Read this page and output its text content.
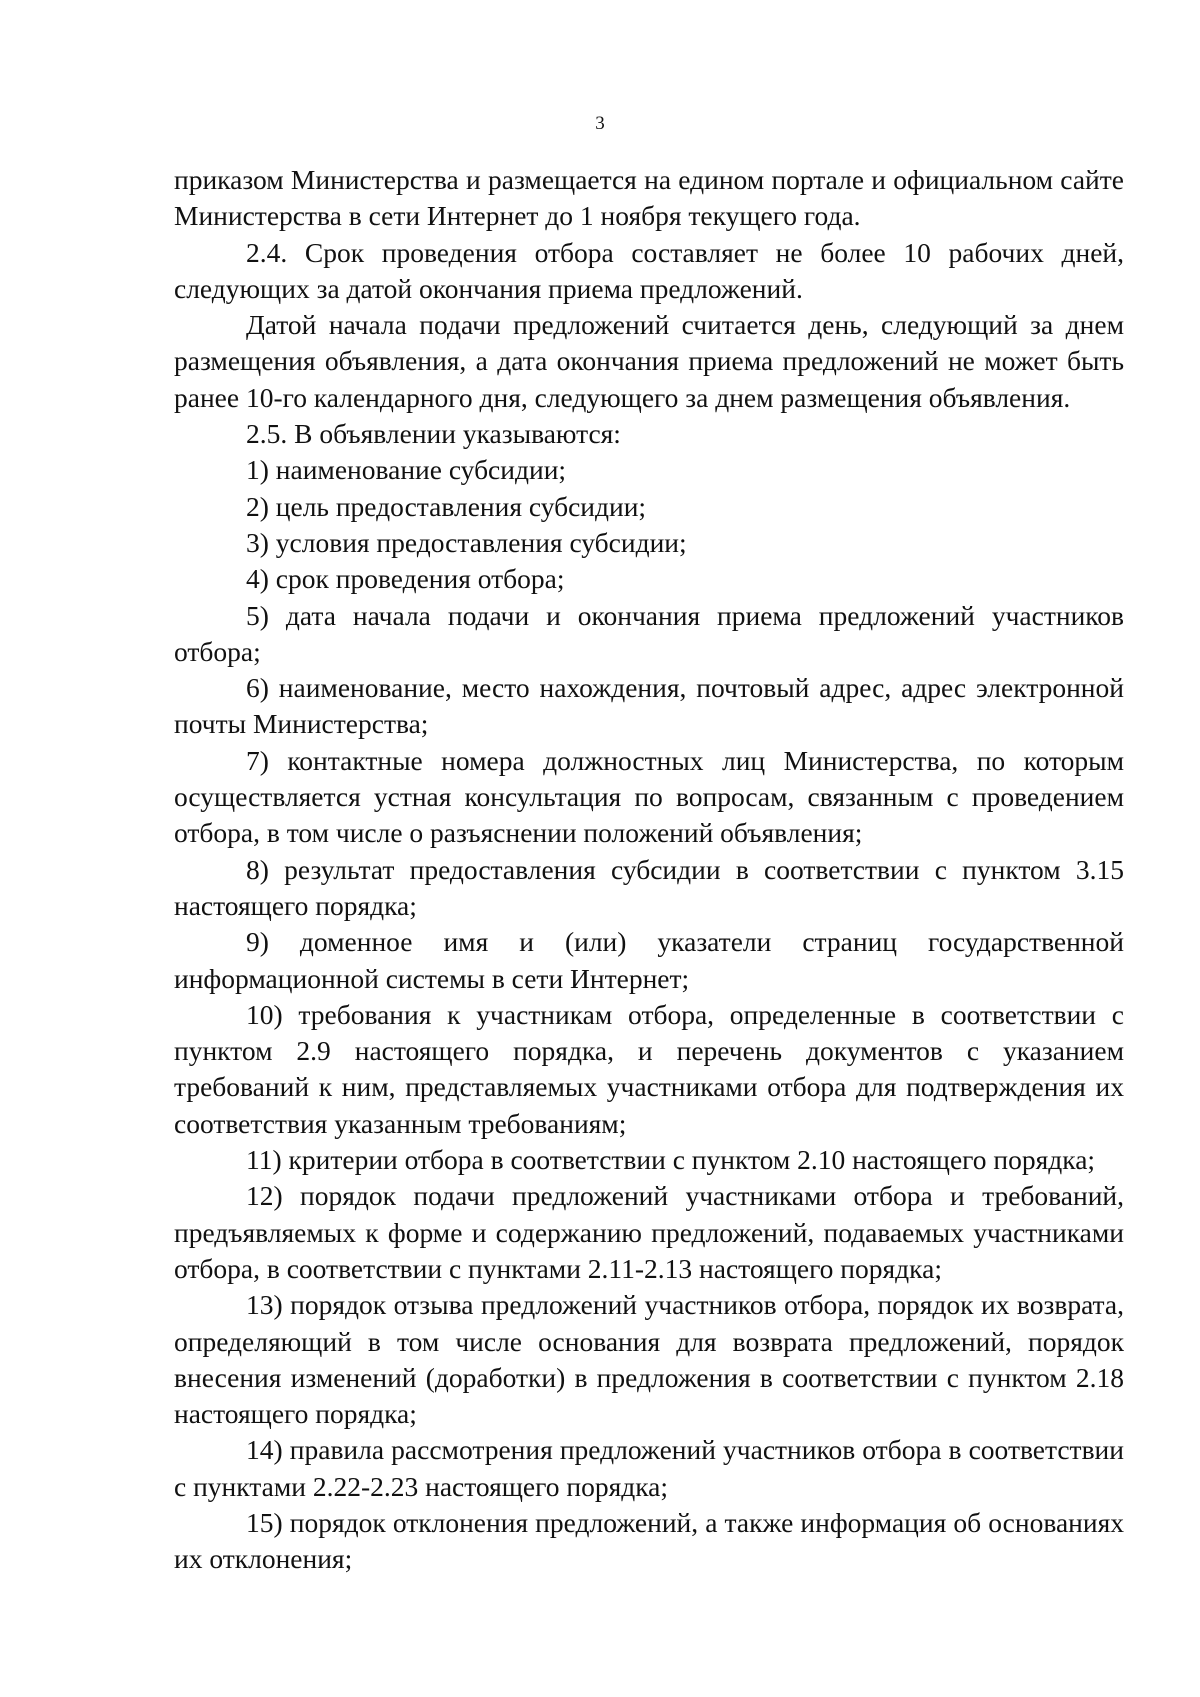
3

приказом Министерства и размещается на едином портале и официальном сайте Министерства в сети Интернет до 1 ноября текущего года.

2.4. Срок проведения отбора составляет не более 10 рабочих дней, следующих за датой окончания приема предложений.

Датой начала подачи предложений считается день, следующий за днем размещения объявления, а дата окончания приема предложений не может быть ранее 10-го календарного дня, следующего за днем размещения объявления.

2.5. В объявлении указываются:

1) наименование субсидии;

2) цель предоставления субсидии;

3) условия предоставления субсидии;

4) срок проведения отбора;

5) дата начала подачи и окончания приема предложений участников отбора;

6) наименование, место нахождения, почтовый адрес, адрес электронной почты Министерства;

7) контактные номера должностных лиц Министерства, по которым осуществляется устная консультация по вопросам, связанным с проведением отбора, в том числе о разъяснении положений объявления;

8) результат предоставления субсидии в соответствии с пунктом 3.15 настоящего порядка;

9) доменное имя и (или) указатели страниц государственной информационной системы в сети Интернет;

10) требования к участникам отбора, определенные в соответствии с пунктом 2.9 настоящего порядка, и перечень документов с указанием требований к ним, представляемых участниками отбора для подтверждения их соответствия указанным требованиям;

11) критерии отбора в соответствии с пунктом 2.10 настоящего порядка;

12) порядок подачи предложений участниками отбора и требований, предъявляемых к форме и содержанию предложений, подаваемых участниками отбора, в соответствии с пунктами 2.11-2.13 настоящего порядка;

13) порядок отзыва предложений участников отбора, порядок их возврата, определяющий в том числе основания для возврата предложений, порядок внесения изменений (доработки) в предложения в соответствии с пунктом 2.18 настоящего порядка;

14) правила рассмотрения предложений участников отбора в соответствии с пунктами 2.22-2.23 настоящего порядка;

15) порядок отклонения предложений, а также информация об основаниях их отклонения;
